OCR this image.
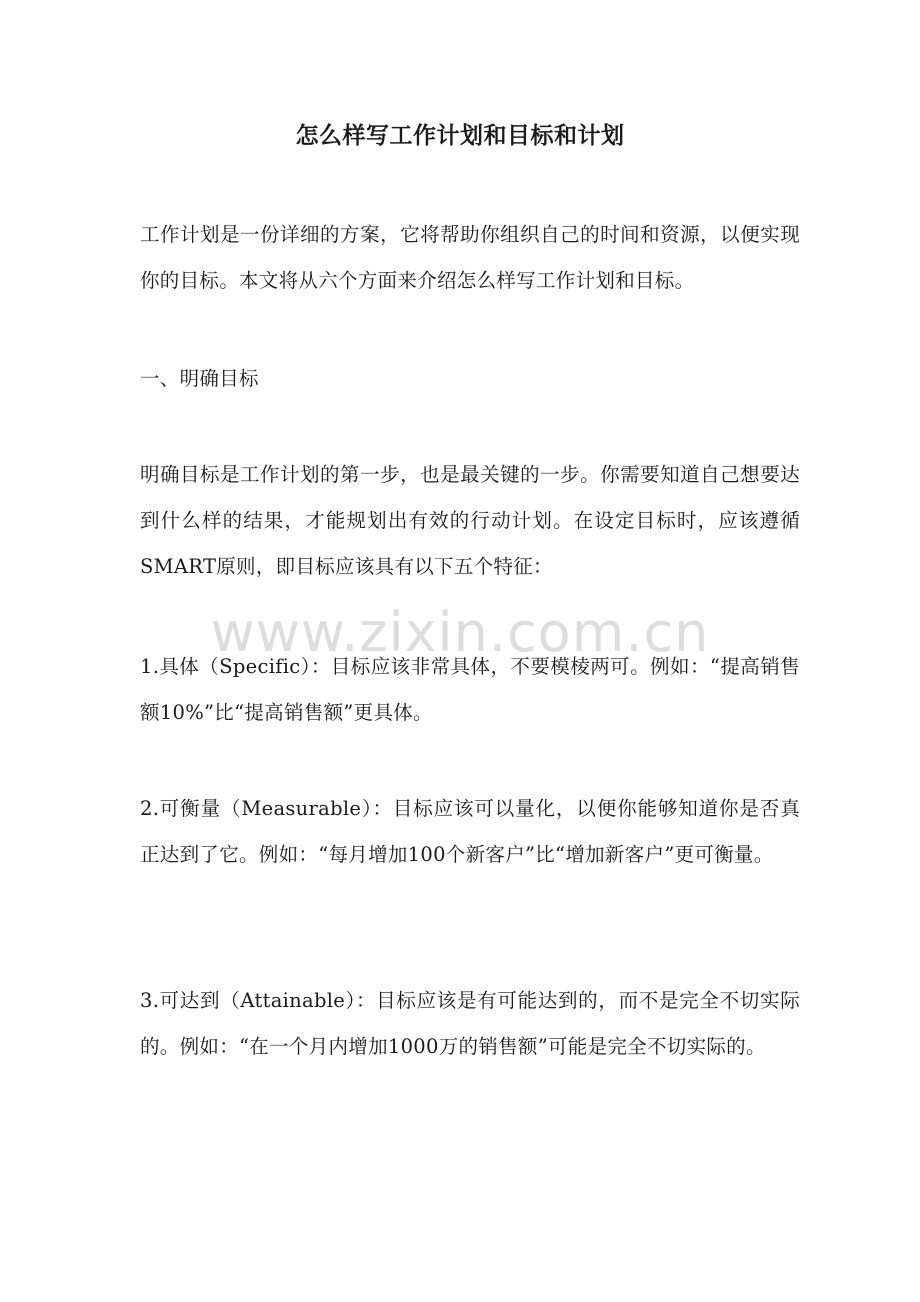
怎么样写工作计划和目标和计划
工作计划是一份详细的方案，它将帮助你组织自己的时间和资源，以便实现你的目标。本文将从六个方面来介绍怎么样写工作计划和目标。
一、明确目标
明确目标是工作计划的第一步，也是最关键的一步。你需要知道自己想要达到什么样的结果，才能规划出有效的行动计划。在设定目标时，应该遵循SMART原则，即目标应该具有以下五个特征：
www.zixin.com.cn
1.具体（Specific）：目标应该非常具体，不要模棱两可。例如：“提高销售额10%”比“提高销售额”更具体。
2.可衡量（Measurable）：目标应该可以量化，以便你能够知道你是否真正达到了它。例如：“每月增加100个新客户”比“增加新客户”更可衡量。
3.可达到（Attainable）：目标应该是有可能达到的，而不是完全不切实际的。例如：“在一个月内增加1000万的销售额”可能是完全不切实际的。
